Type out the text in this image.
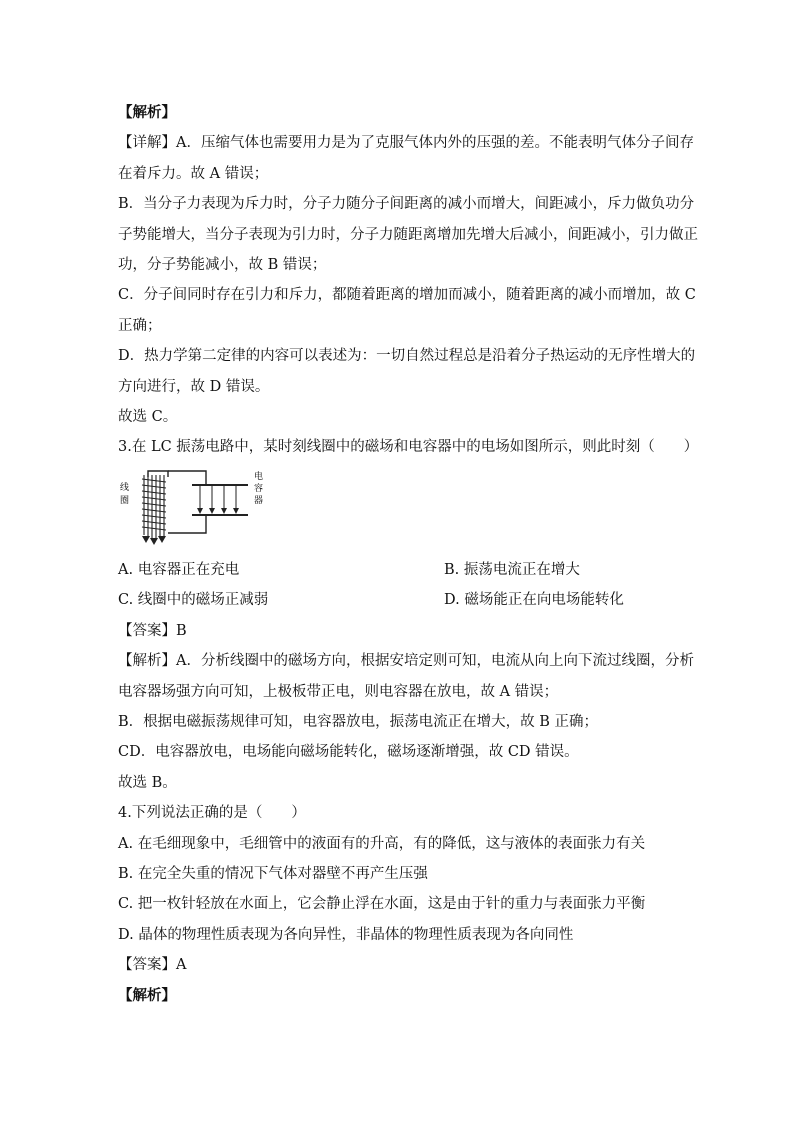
【解析】
【详解】A．压缩气体也需要用力是为了克服气体内外的压强的差。不能表明气体分子间存
在着斥力。故 A 错误；
B．当分子力表现为斥力时，分子力随分子间距离的减小而增大，间距减小，斥力做负功分
子势能增大，当分子表现为引力时，分子力随距离增加先增大后减小，间距减小，引力做正
功，分子势能减小，故 B 错误；
C．分子间同时存在引力和斥力，都随着距离的增加而减小，随着距离的减小而增加，故 C
正确；
D．热力学第二定律的内容可以表述为：一切自然过程总是沿着分子热运动的无序性增大的
方向进行，故 D 错误。
故选 C。
3.在 LC 振荡电路中，某时刻线圈中的磁场和电容器中的电场如图所示，则此时刻（　　）
线
圈
电
容
器
A. 电容器正在充电	B. 振荡电流正在增大
C. 线圈中的磁场正减弱	D. 磁场能正在向电场能转化
【答案】B
【解析】A．分析线圈中的磁场方向，根据安培定则可知，电流从向上向下流过线圈，分析
电容器场强方向可知，上极板带正电，则电容器在放电，故 A 错误；
B．根据电磁振荡规律可知，电容器放电，振荡电流正在增大，故 B 正确；
CD．电容器放电，电场能向磁场能转化，磁场逐渐增强，故 CD 错误。
故选 B。
4.下列说法正确的是（　　）
A. 在毛细现象中，毛细管中的液面有的升高，有的降低，这与液体的表面张力有关
B. 在完全失重的情况下气体对器壁不再产生压强
C. 把一枚针轻放在水面上，它会静止浮在水面，这是由于针的重力与表面张力平衡
D. 晶体的物理性质表现为各向异性，非晶体的物理性质表现为各向同性
【答案】A
【解析】
